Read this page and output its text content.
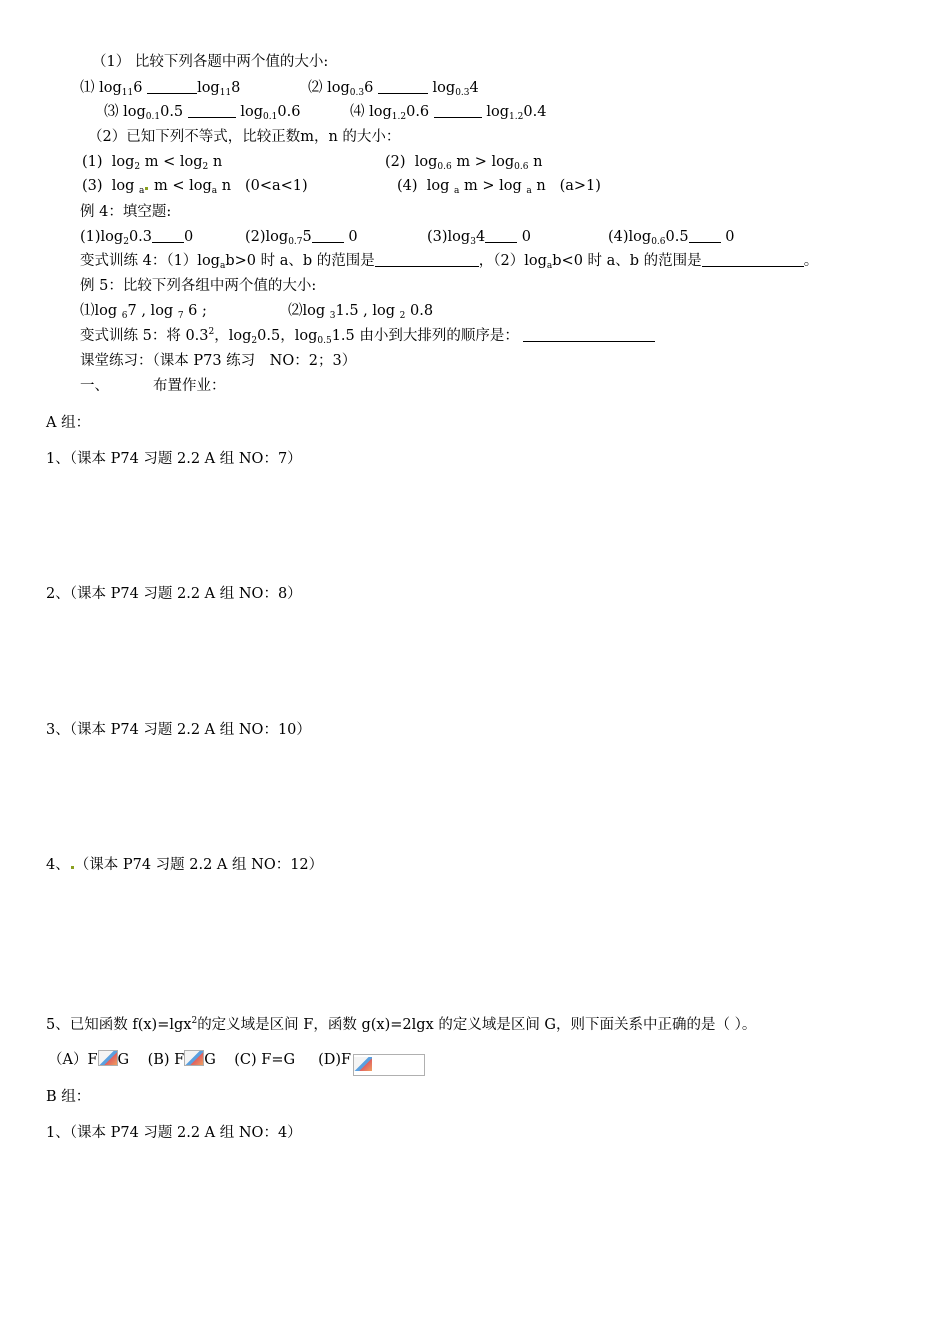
（1） 比较下列各题中两个值的大小:
⑴ $\log_{11}6$	$\log_{11}8$	⑵ $\log_{0.3}6$	$\log_{0.3}4$
⑶ $\log_{0.1}0.5$	$\log_{0.1}0.6$	⑷ $\log_{1.2}0.6$	$\log_{1.2}0.4$
（2）已知下列不等式，比较正数m，n 的大小：
(1) $\log_2 m < \log_2 n$	(2) $\log_{0.6} m > \log_{0.6} n$
(3) log $_a$ $m < \log_a n$ (0<a<1)	(4) log $_a$ m > log $_a$ n (a>1)
例 4：填空题:
$(1)\log_20.3$ 0	$(2)\log_{0.7}5$	0	$(3)\log_34$	0	$(4)\log_{0.6}0.5$	0
变式训练 4：$(1)\log_ab>0$ 时 a、b 的范围是	，$(2)\log_ab<0$ 时 a、b 的范围是	。
例 5：比较下列各组中两个值的大小:
⑴log $_6$7 , log $_7$ 6 ;	⑵log $_3$1.5 , log $_2$ 0.8
变式训练 5：将 $0.3^2$，$\log_20.5$，$\log_{0.5}1.5$ 由小到大排列的顺序是：
课堂练习：（课本 P73 练习　NO：2；3）
一、	布置作业：
A 组：
1、（课本 P74 习题 2.2 A 组 NO：7）
2、（课本 P74 习题 2.2 A 组 NO：8）
3、（课本 P74 习题 2.2 A 组 NO：10）
4、 （课本 P74 习题 2.2 A 组 NO：12）
5、已知函数 f(x)=lgx$^2$的定义域是区间 F，函数 g(x)=2lgx 的定义域是区间 G，则下面关系中正确的是（ ）。
（A）F G (B) F G (C) F=G (D)F
B 组：
1、（课本 P74 习题 2.2 A 组 NO：4）
